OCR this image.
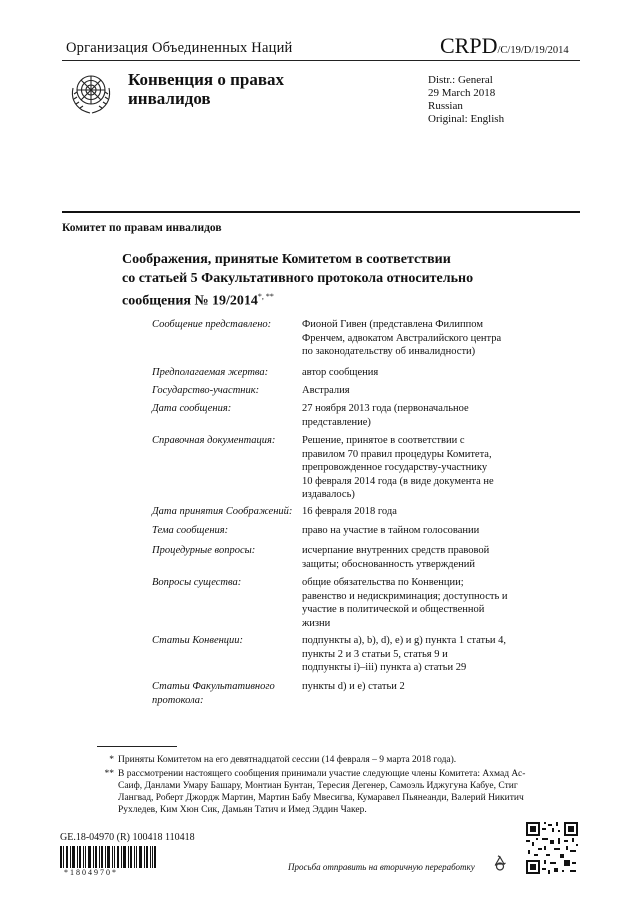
Организация Объединенных Наций	CRPD/C/19/D/19/2014
Конвенция о правах
инвалидов
Distr.: General
29 March 2018
Russian
Original: English
Комитет по правам инвалидов
Соображения, принятые Комитетом в соответствии
со статьей 5 Факультативного протокола относительно
сообщения № 19/2014*, **
Сообщение представлено:	Фионой Гивен (представлена Филиппом
Френчем, адвокатом Австралийского центра
по законодательству об инвалидности)
Предполагаемая жертва:	автор сообщения
Государство-участник:	Австралия
Дата сообщения:	27 ноября 2013 года (первоначальное
представление)
Справочная документация:	Решение, принятое в соответствии с
правилом 70 правил процедуры Комитета,
препровожденное государству-участнику
10 февраля 2014 года (в виде документа не
издавалось)
Дата принятия Соображений: 16 февраля 2018 года
Тема сообщения:	право на участие в тайном голосовании
Процедурные вопросы:	исчерпание внутренних средств правовой
защиты; обоснованность утверждений
Вопросы существа:	общие обязательства по Конвенции;
равенство и недискриминация; доступность и
участие в политической и общественной
жизни
Статьи Конвенции:	подпункты a), b), d), e) и g) пункта 1 статьи 4,
пункты 2 и 3 статьи 5, статья 9 и
подпункты i)–iii) пункта a) статьи 29
Статьи Факультативного протокола:
пункты d) и e) статьи 2
* Приняты Комитетом на его девятнадцатой сессии (14 февраля – 9 марта 2018 года).
** В рассмотрении настоящего сообщения принимали участие следующие члены Комитета: Ахмад Ас-Саиф, Данлами Умару Башару, Монтиан Бунтан, Тересия Дегенер, Самоэль Иджугуна Кабуе, Стиг Лангвад, Роберт Джордж Мартин, Мартин Бабу Мвесигва, Кумаравел Пьянеанди, Валерий Никитич Рухледев, Ким Хюн Сик, Дамьян Татич и Имед Эддин Чакер.
GE.18-04970 (R) 100418 110418
*1804970*
Просьба отправить на вторичную переработку
